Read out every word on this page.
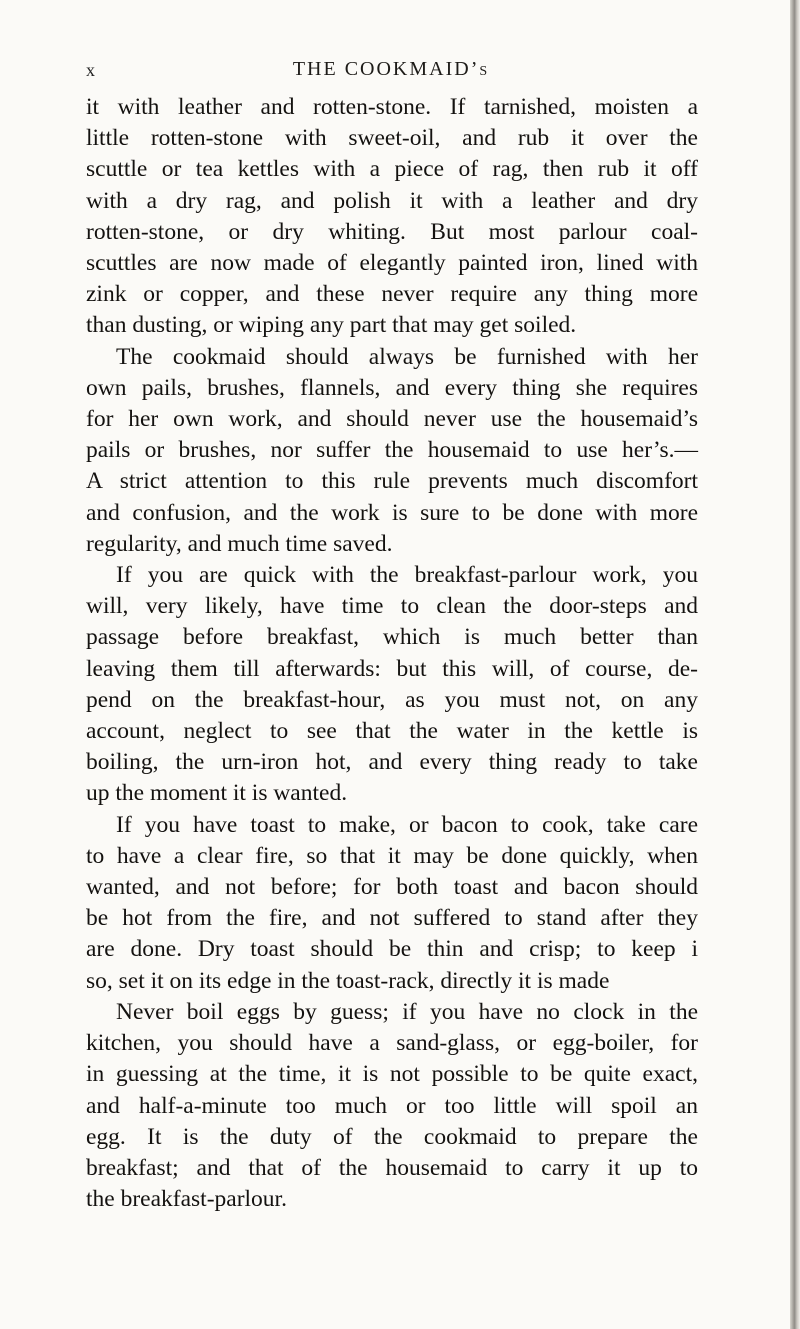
x	THE COOKMAID’s

it with leather and rotten-stone. If tarnished, moisten a
little rotten-stone with sweet-oil, and rub it over the
scuttle or tea kettles with a piece of rag, then rub it off
with a dry rag, and polish it with a leather and dry
rotten-stone, or dry whiting. But most parlour coal-
scuttles are now made of elegantly painted iron, lined with
zink or copper, and these never require any thing more
than dusting, or wiping any part that may get soiled.

The cookmaid should always be furnished with her
own pails, brushes, flannels, and every thing she requires
for her own work, and should never use the housemaid’s
pails or brushes, nor suffer the housemaid to use her’s.—
A strict attention to this rule prevents much discomfort
and confusion, and the work is sure to be done with more
regularity, and much time saved.

If you are quick with the breakfast-parlour work, you
will, very likely, have time to clean the door-steps and
passage before breakfast, which is much better than
leaving them till afterwards: but this will, of course, de-
pend on the breakfast-hour, as you must not, on any
account, neglect to see that the water in the kettle is
boiling, the urn-iron hot, and every thing ready to take
up the moment it is wanted.

If you have toast to make, or bacon to cook, take care
to have a clear fire, so that it may be done quickly, when
wanted, and not before; for both toast and bacon should
be hot from the fire, and not suffered to stand after they
are done. Dry toast should be thin and crisp; to keep i
so, set it on its edge in the toast-rack, directly it is made

Never boil eggs by guess; if you have no clock in the
kitchen, you should have a sand-glass, or egg-boiler, for
in guessing at the time, it is not possible to be quite exact,
and half-a-minute too much or too little will spoil an
egg. It is the duty of the cookmaid to prepare the
breakfast; and that of the housemaid to carry it up to
the breakfast-parlour.
